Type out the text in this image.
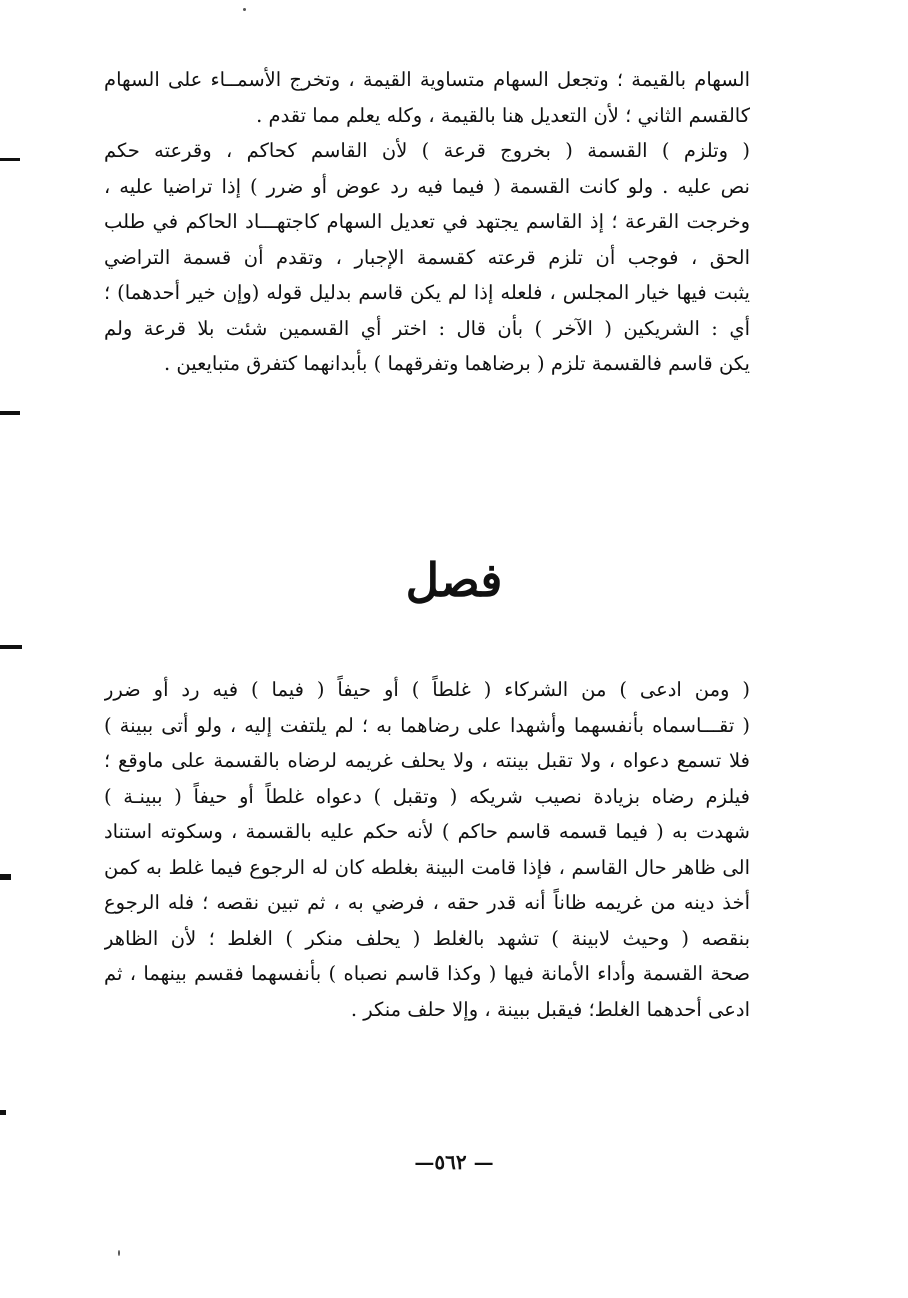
السهام بالقيمة ؛ وتجعل السهام متساوية القيمة ، وتخرج الأسمــاء على السهام
كالقسم الثاني ؛ لأن التعديل هنا بالقيمة ، وكله يعلم مما تقدم .
( وتلزم ) القسمة ( بخروج قرعة ) لأن القاسم كحاكم ، وقرعته حكم
نص عليه . ولو كانت القسمة ( فيما فيه رد عوض أو ضرر ) إذا تراضيا عليه ،
وخرجت القرعة ؛ إذ القاسم يجتهد في تعديل السهام كاجتهـــاد الحاكم في طلب
الحق ، فوجب أن تلزم قرعته كقسمة الإجبار ، وتقدم أن قسمة التراضي
يثبت فيها خيار المجلس ، فلعله إذا لم يكن قاسم بدليل قوله (وإن خير أحدهما) ؛
أي : الشريكين ( الآخر ) بأن قال : اختر أي القسمين شئت بلا قرعة ولم
يكن قاسم فالقسمة تلزم ( برضاهما وتفرقهما ) بأبدانهما كتفرق متبايعين .
فصل
( ومن ادعى ) من الشركاء ( غلطاً ) أو حيفاً ( فيما ) فيه رد أو ضرر
( تقـــاسماه بأنفسهما وأشهدا على رضاهما به ؛ لم يلتفت إليه ، ولو أتى ببينة )
فلا تسمع دعواه ، ولا تقبل بينته ، ولا يحلف غريمه لرضاه بالقسمة على ماوقع ؛
فيلزم رضاه بزيادة نصيب شريكه ( وتقبل ) دعواه غلطاً أو حيفاً ( ببينـة )
شهدت به ( فيما قسمه قاسم حاكم ) لأنه حكم عليه بالقسمة ، وسكوته استناد
الى ظاهر حال القاسم ، فإذا قامت البينة بغلطه كان له الرجوع فيما غلط به كمن
أخذ دينه من غريمه ظاناً أنه قدر حقه ، فرضي به ، ثم تبين نقصه ؛ فله الرجوع
بنقصه ( وحيث لابينة ) تشهد بالغلط ( يحلف منكر ) الغلط ؛ لأن الظاهر
صحة القسمة وأداء الأمانة فيها ( وكذا قاسم نصباه ) بأنفسهما فقسم بينهما ، ثم
ادعى أحدهما الغلط؛ فيقبل ببينة ، وإلا حلف منكر .
— ٥٦٢—
